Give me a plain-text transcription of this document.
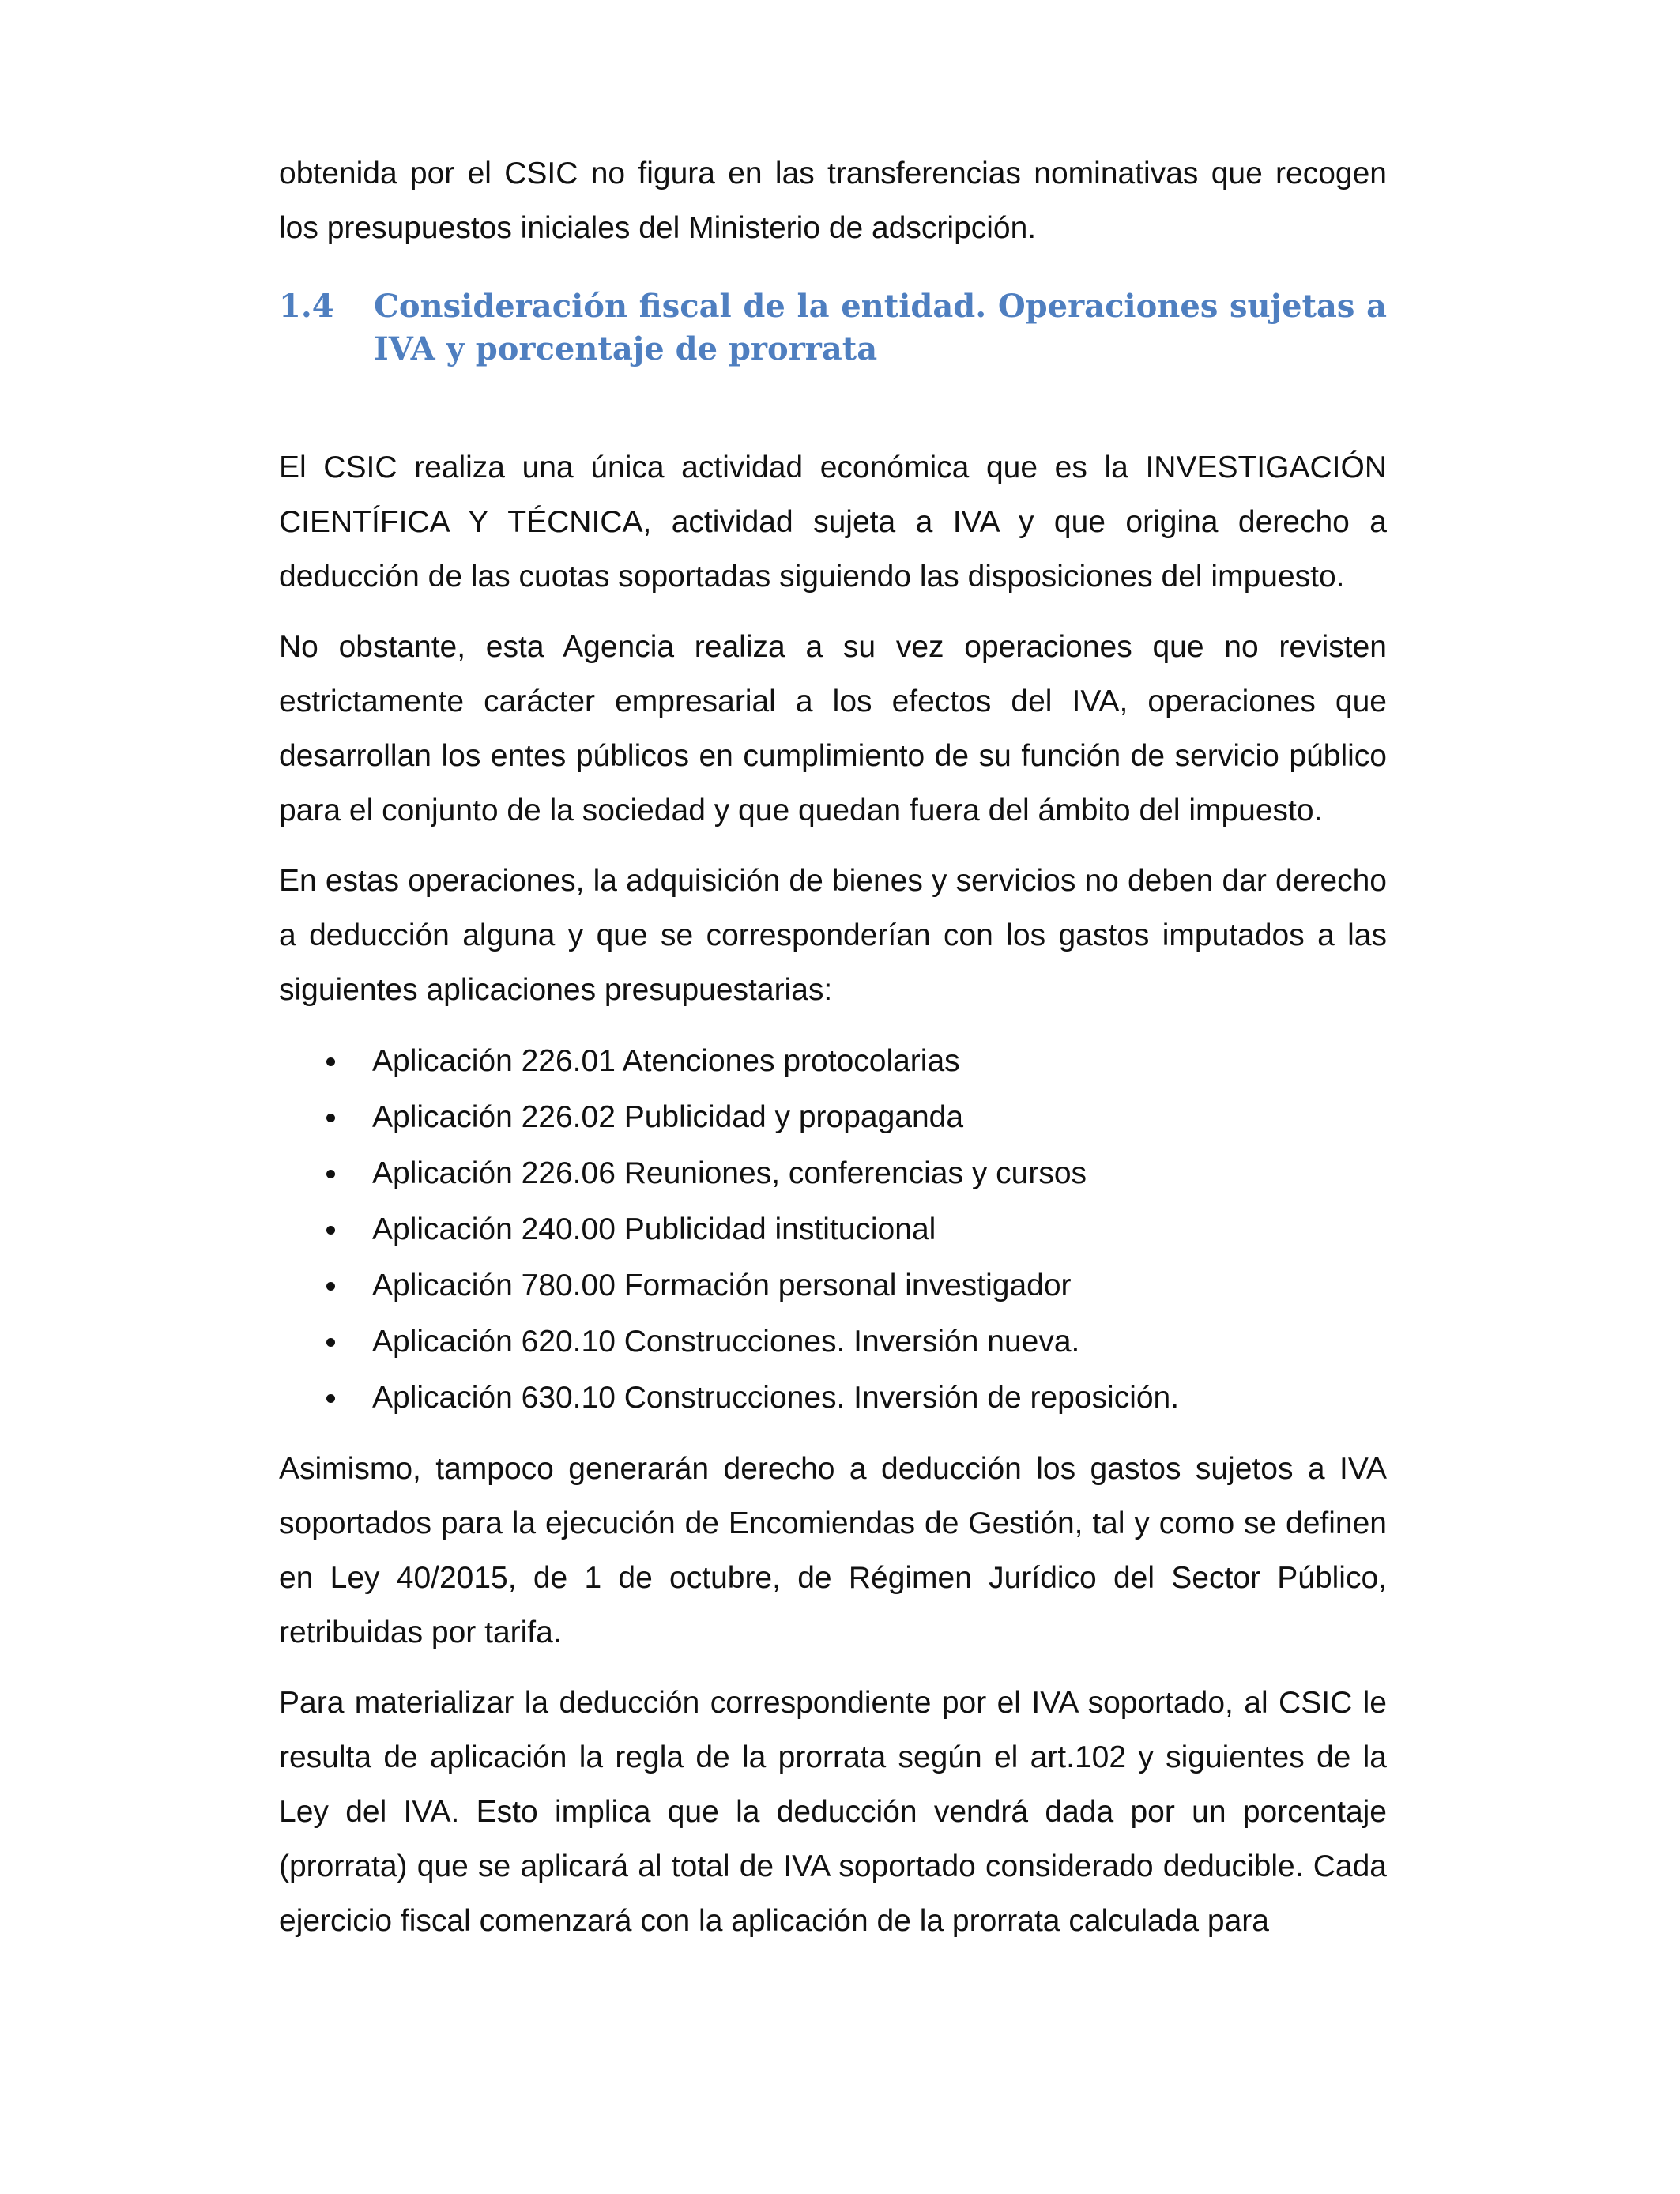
obtenida por el CSIC no figura en las transferencias nominativas que recogen los presupuestos iniciales del Ministerio de adscripción.

1.4	Consideración fiscal de la entidad. Operaciones sujetas a IVA y porcentaje de prorrata

El CSIC realiza una única actividad económica que es la INVESTIGACIÓN CIENTÍFICA Y TÉCNICA, actividad sujeta a IVA y que origina derecho a deducción de las cuotas soportadas siguiendo las disposiciones del impuesto.

No obstante, esta Agencia realiza a su vez operaciones que no revisten estrictamente carácter empresarial a los efectos del IVA, operaciones que desarrollan los entes públicos en cumplimiento de su función de servicio público para el conjunto de la sociedad y que quedan fuera del ámbito del impuesto.

En estas operaciones, la adquisición de bienes y servicios no deben dar derecho a deducción alguna y que se corresponderían con los gastos imputados a las siguientes aplicaciones presupuestarias:

Aplicación 226.01 Atenciones protocolarias
Aplicación 226.02 Publicidad y propaganda
Aplicación 226.06 Reuniones, conferencias y cursos
Aplicación 240.00 Publicidad institucional
Aplicación 780.00 Formación personal investigador
Aplicación 620.10 Construcciones. Inversión nueva.
Aplicación 630.10 Construcciones. Inversión de reposición.

Asimismo, tampoco generarán derecho a deducción los gastos sujetos a IVA soportados para la ejecución de Encomiendas de Gestión, tal y como se definen en Ley 40/2015, de 1 de octubre, de Régimen Jurídico del Sector Público, retribuidas por tarifa.

Para materializar la deducción correspondiente por el IVA soportado, al CSIC le resulta de aplicación la regla de la prorrata según el art.102 y siguientes de la Ley del IVA. Esto implica que la deducción vendrá dada por un porcentaje (prorrata) que se aplicará al total de IVA soportado considerado deducible. Cada ejercicio fiscal comenzará con la aplicación de la prorrata calculada para
